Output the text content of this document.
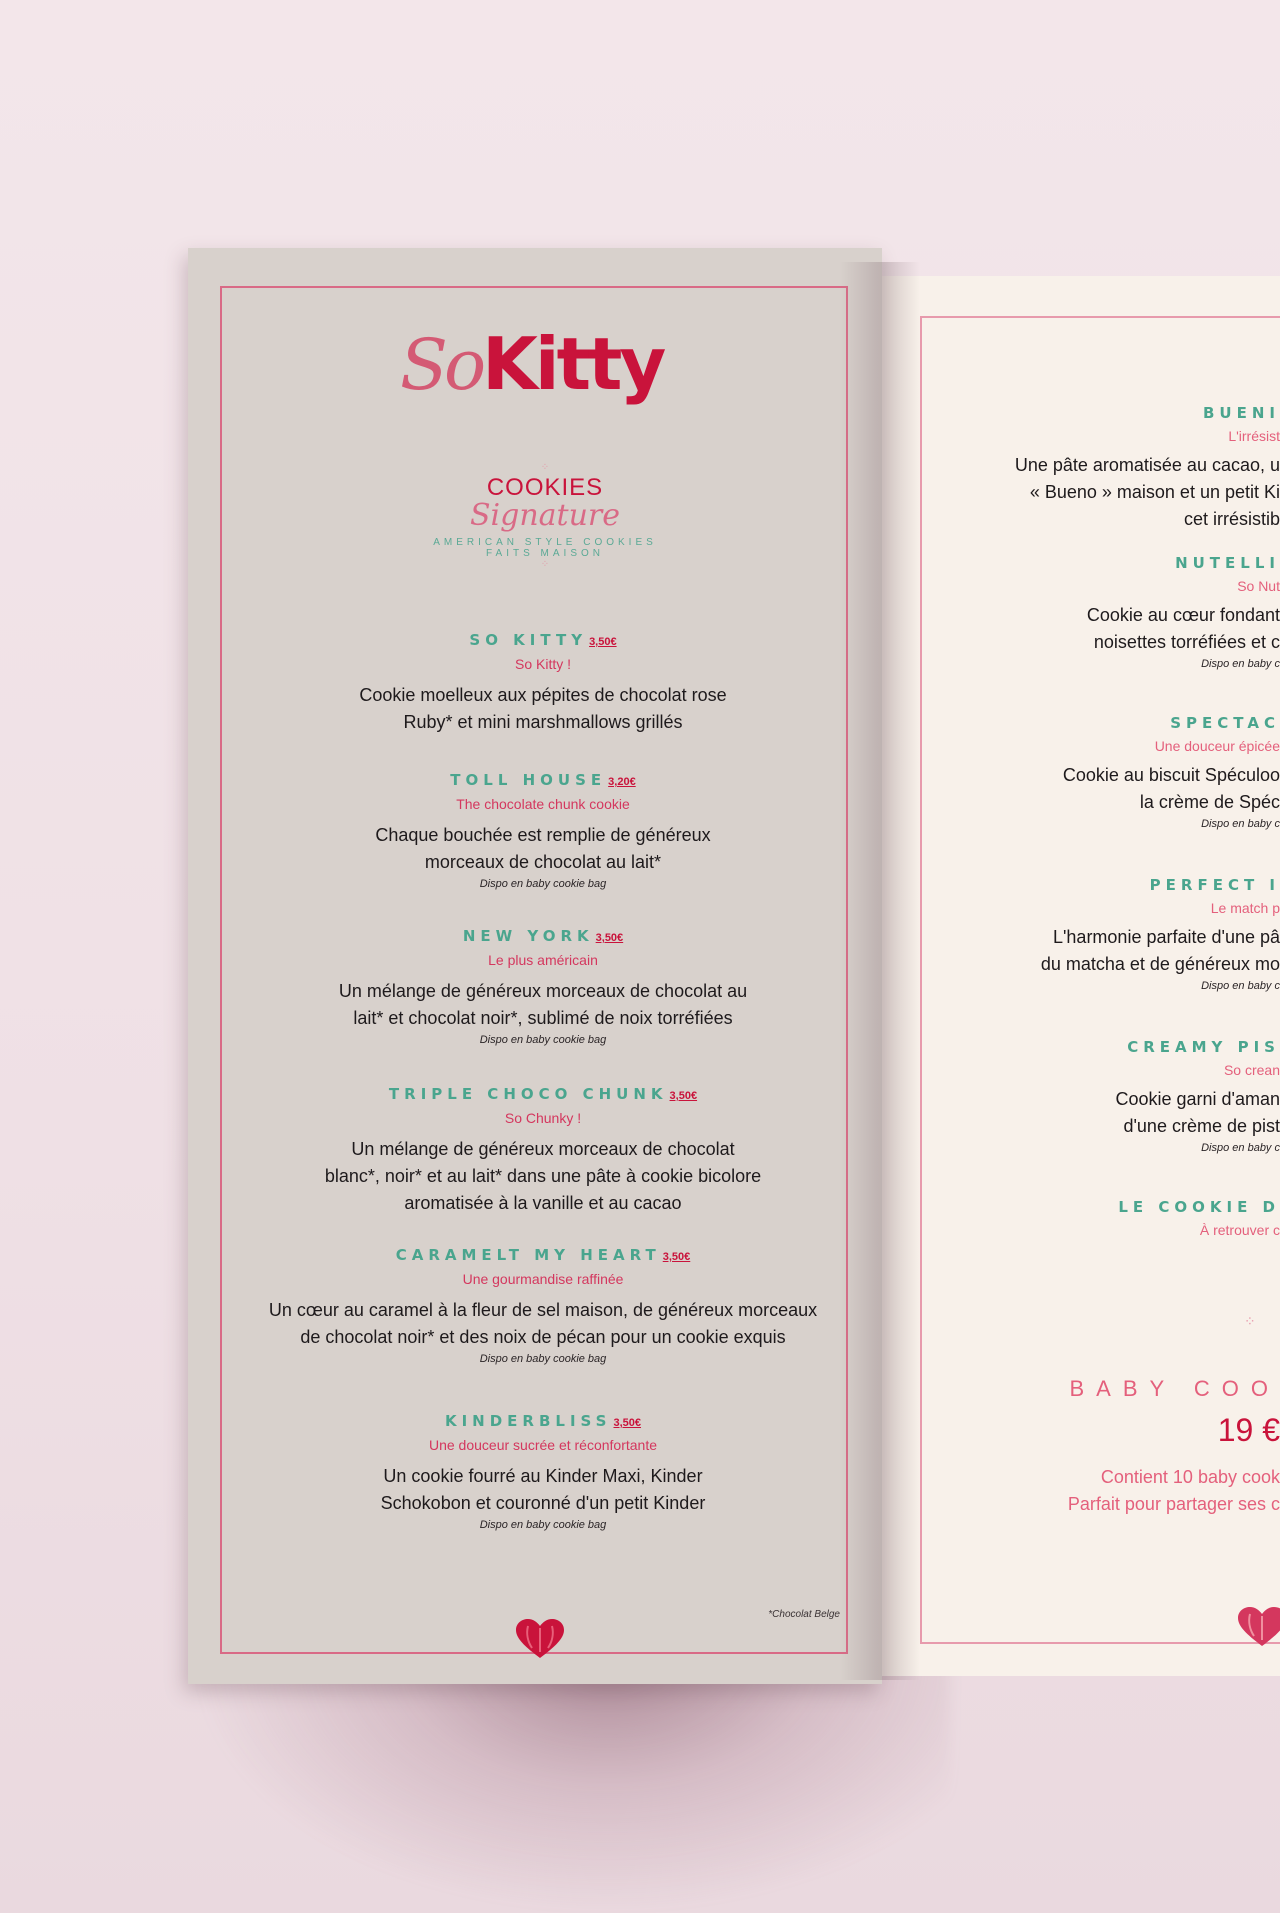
SoKitty
⁘
COOKIES
Signature
AMERICAN STYLE COOKIES
FAITS MAISON
⁘
SO KITTY 3,50€
So Kitty !
Cookie moelleux aux pépites de chocolat rose
Ruby* et mini marshmallows grillés
TOLL HOUSE 3,20€
The chocolate chunk cookie
Chaque bouchée est remplie de généreux
morceaux de chocolat au lait*
Dispo en baby cookie bag
NEW YORK 3,50€
Le plus américain
Un mélange de généreux morceaux de chocolat au
lait* et chocolat noir*, sublimé de noix torréfiées
Dispo en baby cookie bag
TRIPLE CHOCO CHUNK 3,50€
So Chunky !
Un mélange de généreux morceaux de chocolat
blanc*, noir* et au lait* dans une pâte à cookie bicolore
aromatisée à la vanille et au cacao
CARAMELT MY HEART 3,50€
Une gourmandise raffinée
Un cœur au caramel à la fleur de sel maison, de généreux morceaux
de chocolat noir* et des noix de pécan pour un cookie exquis
Dispo en baby cookie bag
KINDERBLISS 3,50€
Une douceur sucrée et réconfortante
Un cookie fourré au Kinder Maxi, Kinder
Schokobon et couronné d'un petit Kinder
Dispo en baby cookie bag
*Chocolat Belge
BUENI
L'irrésist
Une pâte aromatisée au cacao, u
« Bueno » maison et un petit Ki
cet irrésistib
NUTELLI
So Nut
Cookie au cœur fondant
noisettes torréfiées et c
Dispo en baby c
SPECTAC
Une douceur épicée
Cookie au biscuit Spéculoo
la crème de Spéc
Dispo en baby c
PERFECT I
Le match p
L'harmonie parfaite d'une pâ
du matcha et de généreux mo
Dispo en baby c
CREAMY PIS
So crean
Cookie garni d'aman
d'une crème de pist
Dispo en baby c
LE COOKIE D
À retrouver c
⁘
BABY COO
19 €
Contient 10 baby cook
Parfait pour partager ses c
